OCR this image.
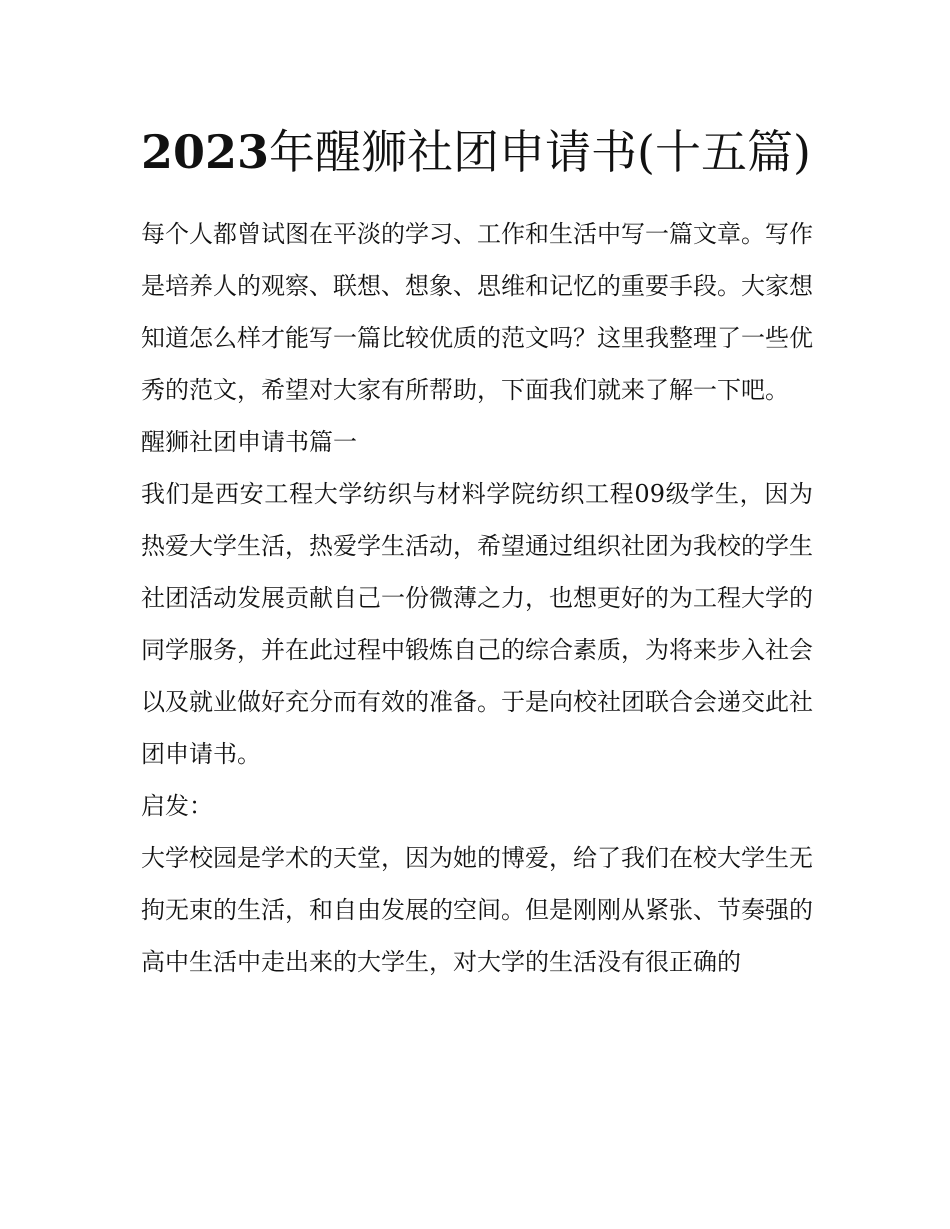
2023年醒狮社团申请书(十五篇)

每个人都曾试图在平淡的学习、工作和生活中写一篇文章。写作是培养人的观察、联想、想象、思维和记忆的重要手段。大家想知道怎么样才能写一篇比较优质的范文吗？这里我整理了一些优秀的范文，希望对大家有所帮助，下面我们就来了解一下吧。

醒狮社团申请书篇一

我们是西安工程大学纺织与材料学院纺织工程09级学生，因为热爱大学生活，热爱学生活动，希望通过组织社团为我校的学生社团活动发展贡献自己一份微薄之力，也想更好的为工程大学的同学服务，并在此过程中锻炼自己的综合素质，为将来步入社会以及就业做好充分而有效的准备。于是向校社团联合会递交此社团申请书。

启发：

大学校园是学术的天堂，因为她的博爱，给了我们在校大学生无拘无束的生活，和自由发展的空间。但是刚刚从紧张、节奏强的高中生活中走出来的大学生，对大学的生活没有很正确的
